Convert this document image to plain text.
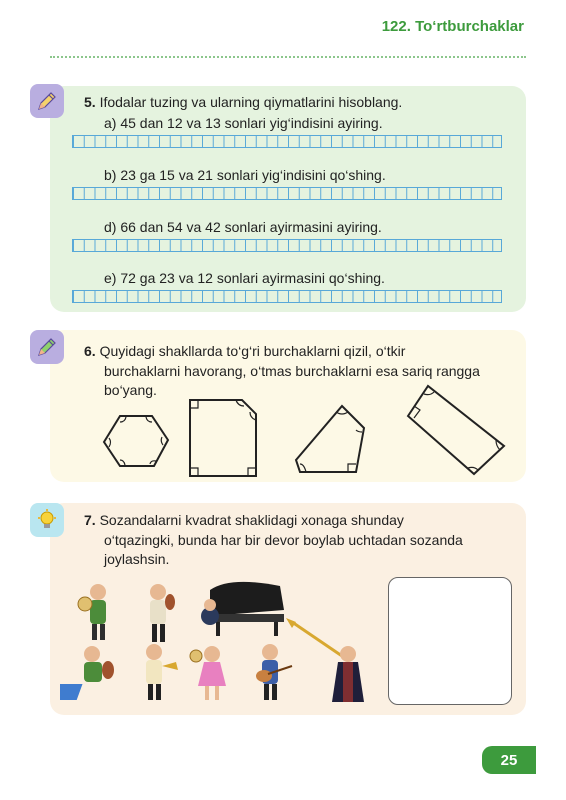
122. To‘rtburchaklar
5. Ifodalar tuzing va ularning qiymatlarini hisoblang.
a) 45 dan 12 va 13 sonlari yig‘indisini ayiring.
b) 23 ga 15 va 21 sonlari yig‘indisini qo‘shing.
d) 66 dan 54 va 42 sonlari ayirmasini ayiring.
e) 72 ga 23 va 12 sonlari ayirmasini qo‘shing.
6. Quyidagi shakllarda to‘g‘ri burchaklarni qizil, o‘tkir
burchaklarni havorang, o‘tmas burchaklarni esa sariq rangga
bo‘yang.
7. Sozandalarni kvadrat shaklidagi xonaga shunday
o‘tqazingki, bunda har bir devor boylab uchtadan sozanda
joylashsin.
25
